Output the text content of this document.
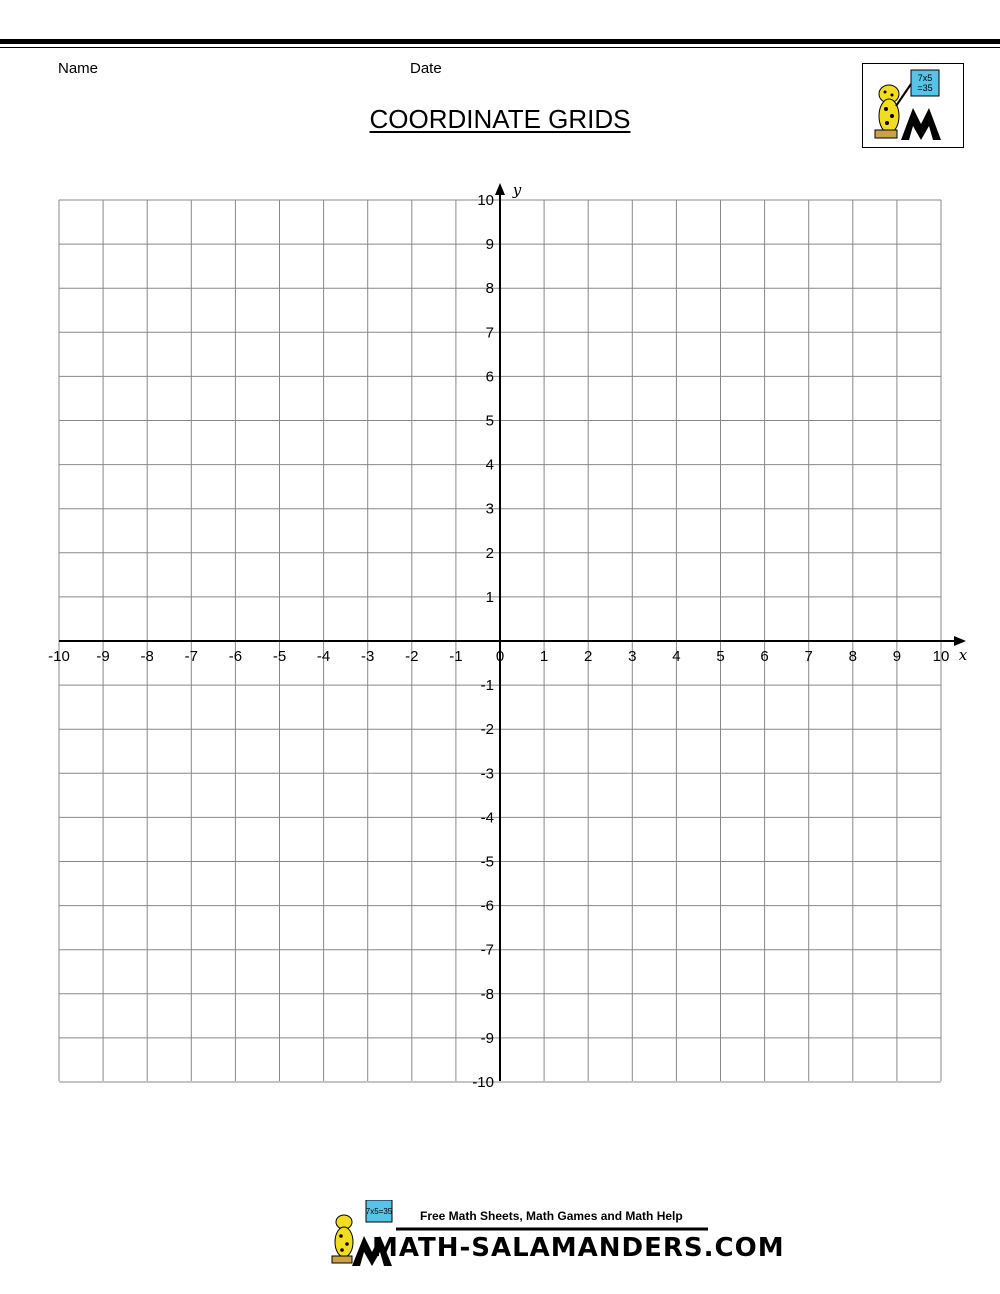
Name	Date
COORDINATE GRIDS
7x5
=35
x
y
-10 -9 -8 -7 -6 -5 -4 -3 -2 -1 0 1 2 3 4 5 6 7 8 9 10
-10
-9
-8
-7
-6
-5
-4
-3
-2
-1
1
2
3
4
5
6
7
8
9
10
7x5=35 Free Math Sheets, Math Games and Math Help
MATH-SALAMANDERS.COM
